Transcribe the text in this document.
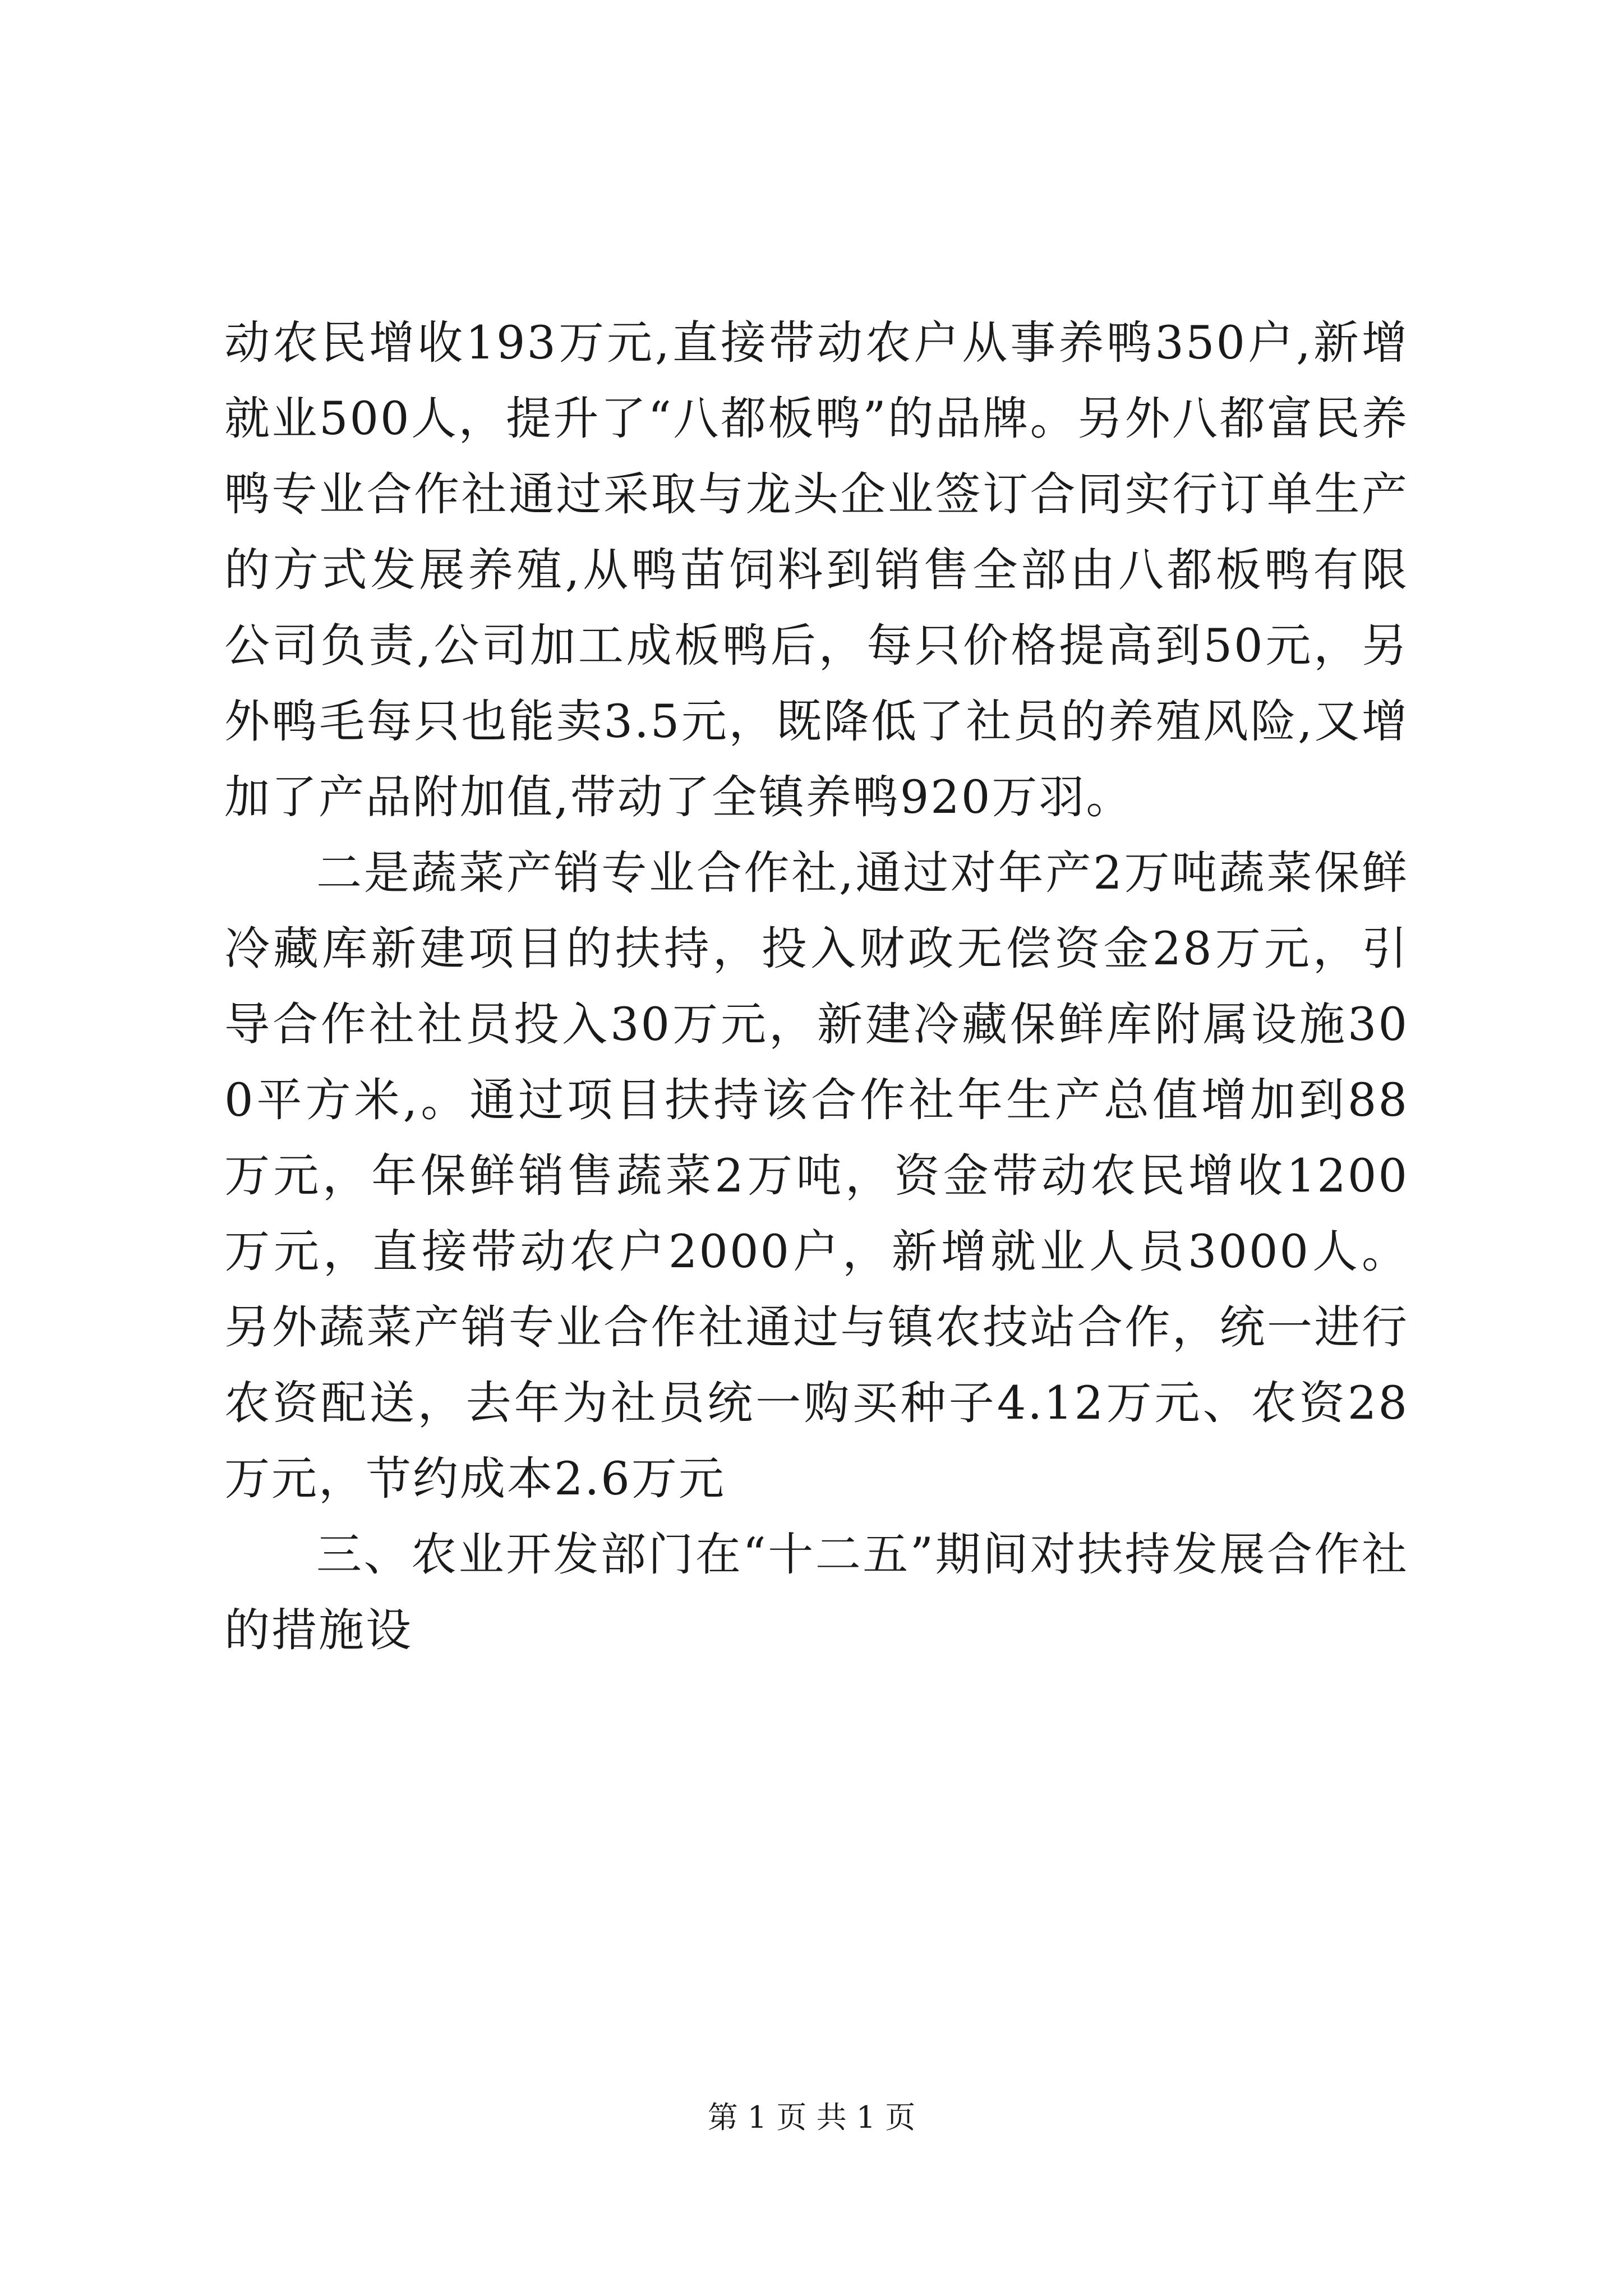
动农民增收193万元,直接带动农户从事养鸭350户,新增就业500人，提升了“八都板鸭”的品牌。另外八都富民养鸭专业合作社通过采取与龙头企业签订合同实行订单生产的方式发展养殖,从鸭苗饲料到销售全部由八都板鸭有限公司负责,公司加工成板鸭后，每只价格提高到50元，另外鸭毛每只也能卖3.5元，既降低了社员的养殖风险,又增加了产品附加值,带动了全镇养鸭920万羽。

二是蔬菜产销专业合作社,通过对年产2万吨蔬菜保鲜冷藏库新建项目的扶持，投入财政无偿资金28万元，引导合作社社员投入30万元，新建冷藏保鲜库附属设施300平方米,。通过项目扶持该合作社年生产总值增加到88万元，年保鲜销售蔬菜2万吨，资金带动农民增收1200万元，直接带动农户2000户，新增就业人员3000人。另外蔬菜产销专业合作社通过与镇农技站合作，统一进行农资配送，去年为社员统一购买种子4.12万元、农资28万元，节约成本2.6万元

三、农业开发部门在“十二五”期间对扶持发展合作社的措施设

第 1 页 共 1 页
